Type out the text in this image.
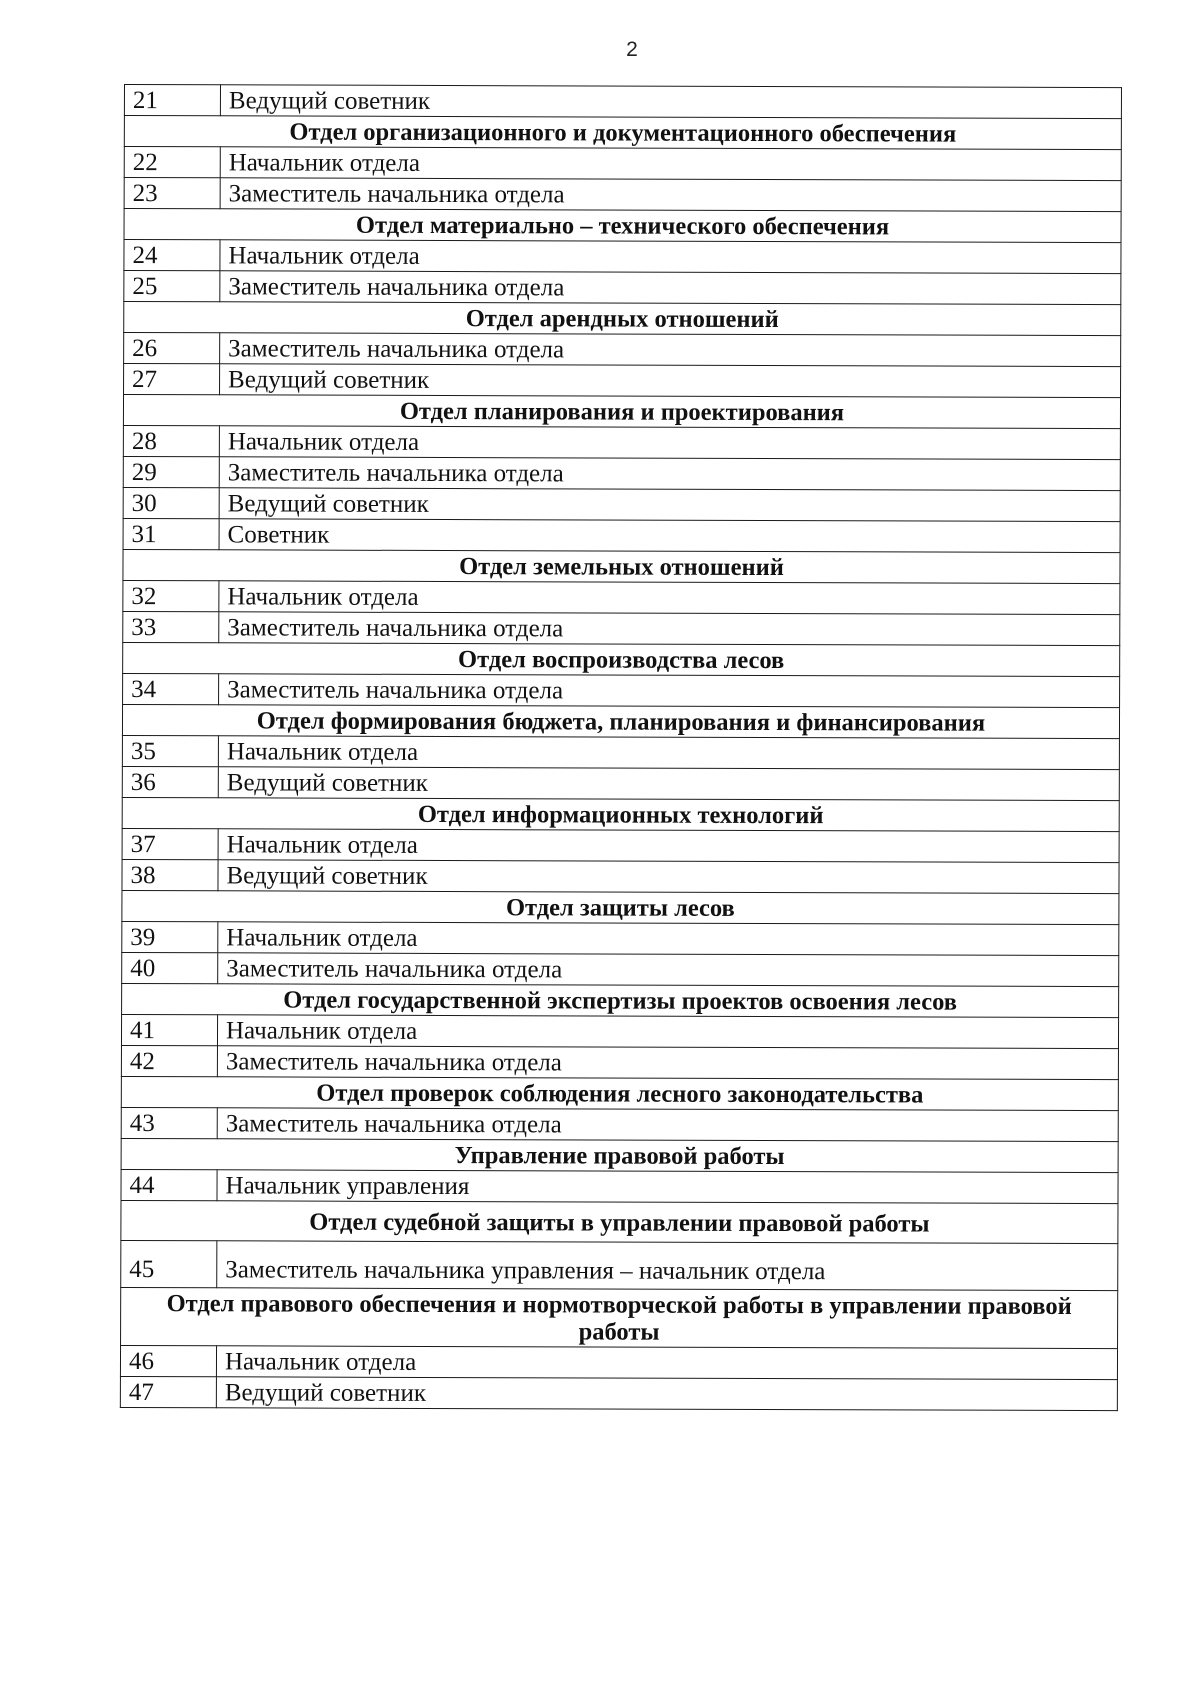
2
21	Ведущий советник
Отдел организационного и документационного обеспечения	
22	Начальник отдела
23	Заместитель начальника отдела
Отдел материально – технического обеспечения	
24	Начальник отдела
25	Заместитель начальника отдела
Отдел арендных отношений	
26	Заместитель начальника отдела
27	Ведущий советник
Отдел планирования и проектирования	
28	Начальник отдела
29	Заместитель начальника отдела
30	Ведущий советник
31	Советник
Отдел земельных отношений	
32	Начальник отдела
33	Заместитель начальника отдела
Отдел воспроизводства лесов	
34	Заместитель начальника отдела
Отдел формирования бюджета, планирования и финансирования	
35	Начальник отдела
36	Ведущий советник
Отдел информационных технологий	
37	Начальник отдела
38	Ведущий советник
Отдел защиты лесов	
39	Начальник отдела
40	Заместитель начальника отдела
Отдел государственной экспертизы проектов освоения лесов	
41	Начальник отдела
42	Заместитель начальника отдела
Отдел проверок соблюдения лесного законодательства	
43	Заместитель начальника отдела
Управление правовой работы	
44	Начальник управления
Отдел судебной защиты в управлении правовой работы	
45	Заместитель начальника управления – начальник отдела
Отдел правового обеспечения и нормотворческой работы в управлении правовой работы	
46	Начальник отдела
47	Ведущий советник
